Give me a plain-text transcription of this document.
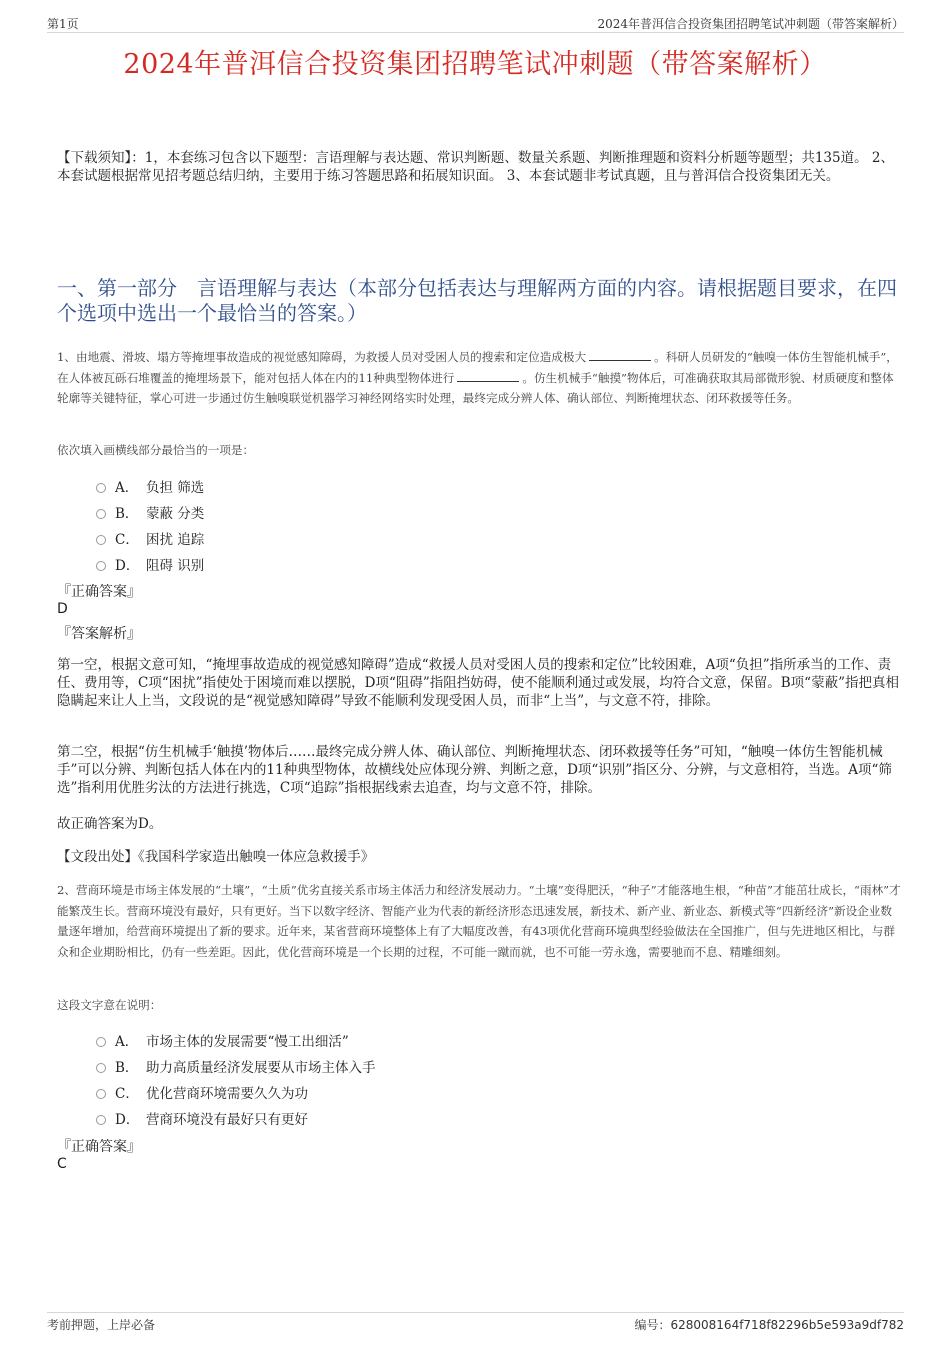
第1页	2024年普洱信合投资集团招聘笔试冲刺题（带答案解析）
2024年普洱信合投资集团招聘笔试冲刺题（带答案解析）

【下载须知】：1，本套练习包含以下题型：言语理解与表达题、常识判断题、数量关系题、判断推理题和资料分析题等题型；共135道。 2、本套试题根据常见招考题总结归纳，主要用于练习答题思路和拓展知识面。 3、本套试题非考试真题，且与普洱信合投资集团无关。

一、第一部分　言语理解与表达（本部分包括表达与理解两方面的内容。请根据题目要求，在四个选项中选出一个最恰当的答案。）

1、由地震、滑坡、塌方等掩埋事故造成的视觉感知障碍，为救援人员对受困人员的搜索和定位造成极大	。科研人员研发的“触嗅一体仿生智能机械手”，在人体被瓦砾石堆覆盖的掩埋场景下，能对包括人体在内的11种典型物体进行	。仿生机械手“触摸”物体后，可准确获取其局部微形貌、材质硬度和整体轮廓等关键特征，掌心可进一步通过仿生触嗅联觉机器学习神经网络实时处理，最终完成分辨人体、确认部位、判断掩埋状态、闭环救援等任务。

依次填入画横线部分最恰当的一项是：

A． 负担 筛选
B． 蒙蔽 分类
C． 困扰 追踪
D． 阻碍 识别

『正确答案』

D

『答案解析』

第一空，根据文意可知，“掩埋事故造成的视觉感知障碍”造成“救援人员对受困人员的搜索和定位”比较困难，A项“负担”指所承当的工作、责任、费用等，C项“困扰”指使处于困境而难以摆脱，D项“阻碍”指阻挡妨碍，使不能顺利通过或发展，均符合文意，保留。B项“蒙蔽”指把真相隐瞒起来让人上当，文段说的是“视觉感知障碍”导致不能顺利发现受困人员，而非“上当”，与文意不符，排除。

第二空，根据“仿生机械手‘触摸’物体后……最终完成分辨人体、确认部位、判断掩埋状态、闭环救援等任务”可知，“触嗅一体仿生智能机械手”可以分辨、判断包括人体在内的11种典型物体，故横线处应体现分辨、判断之意，D项“识别”指区分、分辨，与文意相符，当选。A项“筛选”指利用优胜劣汰的方法进行挑选，C项“追踪”指根据线索去追查，均与文意不符，排除。

故正确答案为D。

【文段出处】《我国科学家造出触嗅一体应急救援手》

2、营商环境是市场主体发展的“土壤”，“土质”优劣直接关系市场主体活力和经济发展动力。“土壤”变得肥沃，“种子”才能落地生根，“种苗”才能茁壮成长，“雨林”才能繁茂生长。营商环境没有最好，只有更好。当下以数字经济、智能产业为代表的新经济形态迅速发展，新技术、新产业、新业态、新模式等“四新经济”新设企业数量逐年增加，给营商环境提出了新的要求。近年来，某省营商环境整体上有了大幅度改善，有43项优化营商环境典型经验做法在全国推广，但与先进地区相比，与群众和企业期盼相比，仍有一些差距。因此，优化营商环境是一个长期的过程，不可能一蹴而就，也不可能一劳永逸，需要驰而不息、精雕细刻。

这段文字意在说明：

A． 市场主体的发展需要“慢工出细活”
B． 助力高质量经济发展要从市场主体入手
C． 优化营商环境需要久久为功
D． 营商环境没有最好只有更好

『正确答案』

C

考前押题，上岸必备	编号：628008164f718f82296b5e593a9df782
